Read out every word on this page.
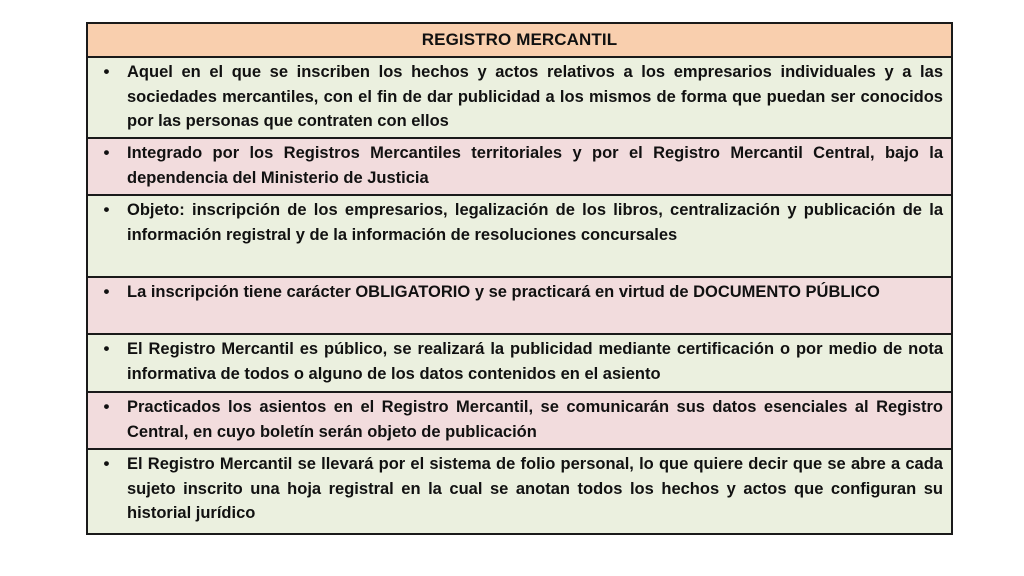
REGISTRO MERCANTIL
•	Aquel en el que se inscriben los hechos y actos relativos a los empresarios individuales y a las sociedades mercantiles, con el fin de dar publicidad a los mismos de forma que puedan ser conocidos por las personas que contraten con ellos
•	Integrado por los Registros Mercantiles territoriales y por el Registro Mercantil Central, bajo la dependencia del Ministerio de Justicia
•	Objeto: inscripción de los empresarios, legalización de los libros, centralización y publicación de la información registral y de la información de resoluciones concursales
•	La inscripción tiene carácter OBLIGATORIO y se practicará en virtud de DOCUMENTO PÚBLICO
•	El Registro Mercantil es público, se realizará la publicidad mediante certificación o por medio de nota informativa de todos o alguno de los datos contenidos en el asiento
•	Practicados los asientos en el Registro Mercantil, se comunicarán sus datos esenciales al Registro Central, en cuyo boletín serán objeto de publicación
•	El Registro Mercantil se llevará por el sistema de folio personal, lo que quiere decir que se abre a cada sujeto inscrito una hoja registral en la cual se anotan todos los hechos y actos que configuran su historial jurídico
